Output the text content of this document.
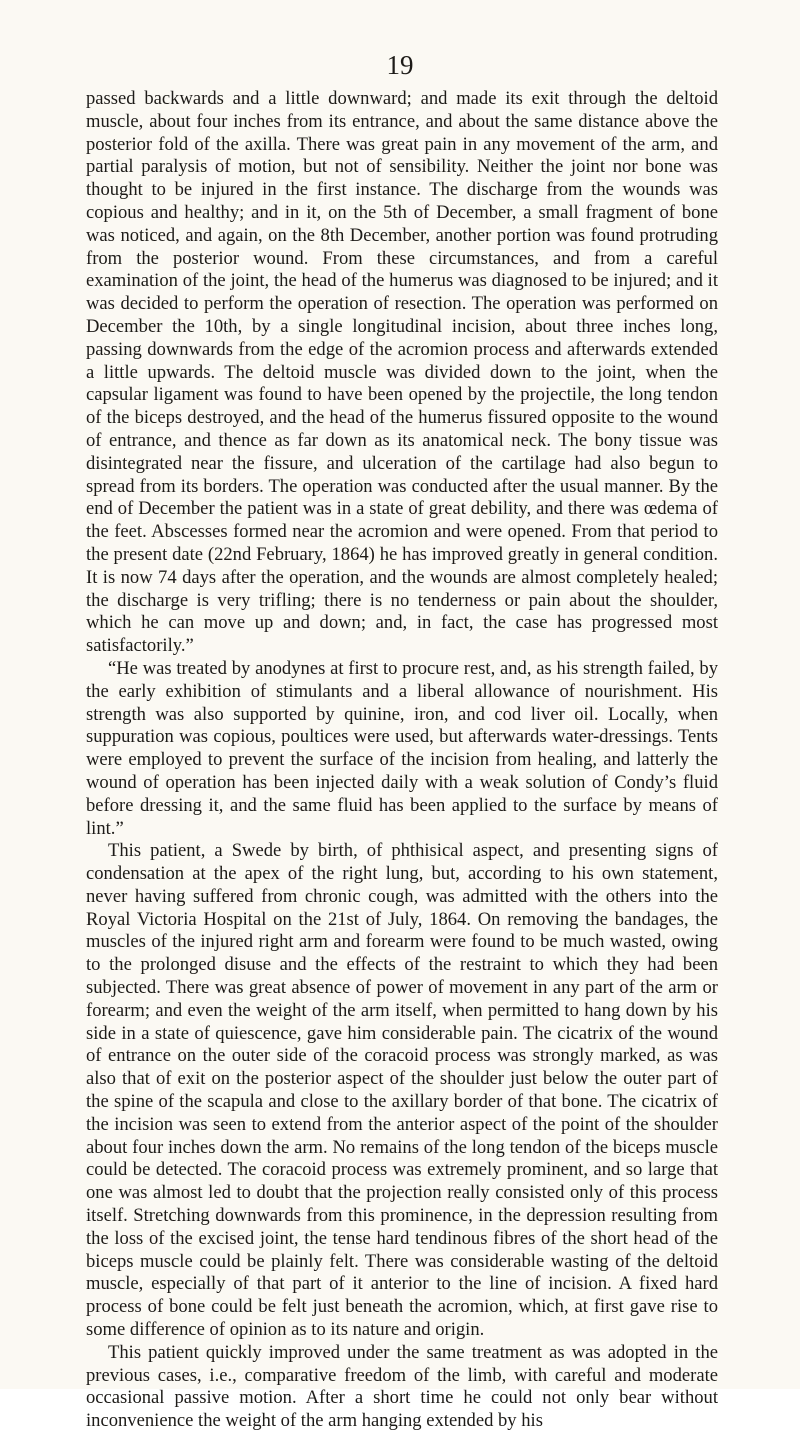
19

passed backwards and a little downward; and made its exit through the deltoid muscle, about four inches from its entrance, and about the same distance above the posterior fold of the axilla. There was great pain in any movement of the arm, and partial paralysis of motion, but not of sensibility. Neither the joint nor bone was thought to be injured in the first instance. The discharge from the wounds was copious and healthy; and in it, on the 5th of December, a small fragment of bone was noticed, and again, on the 8th December, another portion was found protruding from the posterior wound. From these circumstances, and from a careful examination of the joint, the head of the humerus was diagnosed to be injured; and it was decided to perform the operation of resection. The operation was performed on December the 10th, by a single longitudinal incision, about three inches long, passing downwards from the edge of the acromion process and afterwards extended a little upwards. The deltoid muscle was divided down to the joint, when the capsular ligament was found to have been opened by the projectile, the long tendon of the biceps destroyed, and the head of the humerus fissured opposite to the wound of entrance, and thence as far down as its anatomical neck. The bony tissue was disintegrated near the fissure, and ulceration of the cartilage had also begun to spread from its borders. The operation was conducted after the usual manner. By the end of December the patient was in a state of great debility, and there was œdema of the feet. Abscesses formed near the acromion and were opened. From that period to the present date (22nd February, 1864) he has improved greatly in general condition. It is now 74 days after the operation, and the wounds are almost completely healed; the discharge is very trifling; there is no tenderness or pain about the shoulder, which he can move up and down; and, in fact, the case has progressed most satisfactorily.”

“He was treated by anodynes at first to procure rest, and, as his strength failed, by the early exhibition of stimulants and a liberal allowance of nourishment. His strength was also supported by quinine, iron, and cod liver oil. Locally, when suppuration was copious, poultices were used, but afterwards water-dressings. Tents were employed to prevent the surface of the incision from healing, and latterly the wound of operation has been injected daily with a weak solution of Condy’s fluid before dressing it, and the same fluid has been applied to the surface by means of lint.”

This patient, a Swede by birth, of phthisical aspect, and presenting signs of condensation at the apex of the right lung, but, according to his own statement, never having suffered from chronic cough, was admitted with the others into the Royal Victoria Hospital on the 21st of July, 1864. On removing the bandages, the muscles of the injured right arm and forearm were found to be much wasted, owing to the prolonged disuse and the effects of the restraint to which they had been subjected. There was great absence of power of movement in any part of the arm or forearm; and even the weight of the arm itself, when permitted to hang down by his side in a state of quiescence, gave him considerable pain. The cicatrix of the wound of entrance on the outer side of the coracoid process was strongly marked, as was also that of exit on the posterior aspect of the shoulder just below the outer part of the spine of the scapula and close to the axillary border of that bone. The cicatrix of the incision was seen to extend from the anterior aspect of the point of the shoulder about four inches down the arm. No remains of the long tendon of the biceps muscle could be detected. The coracoid process was extremely prominent, and so large that one was almost led to doubt that the projection really consisted only of this process itself. Stretching downwards from this prominence, in the depression resulting from the loss of the excised joint, the tense hard tendinous fibres of the short head of the biceps muscle could be plainly felt. There was considerable wasting of the deltoid muscle, especially of that part of it anterior to the line of incision. A fixed hard process of bone could be felt just beneath the acromion, which, at first gave rise to some difference of opinion as to its nature and origin.

This patient quickly improved under the same treatment as was adopted in the previous cases, i.e., comparative freedom of the limb, with careful and moderate occasional passive motion. After a short time he could not only bear without inconvenience the weight of the arm hanging extended by his
